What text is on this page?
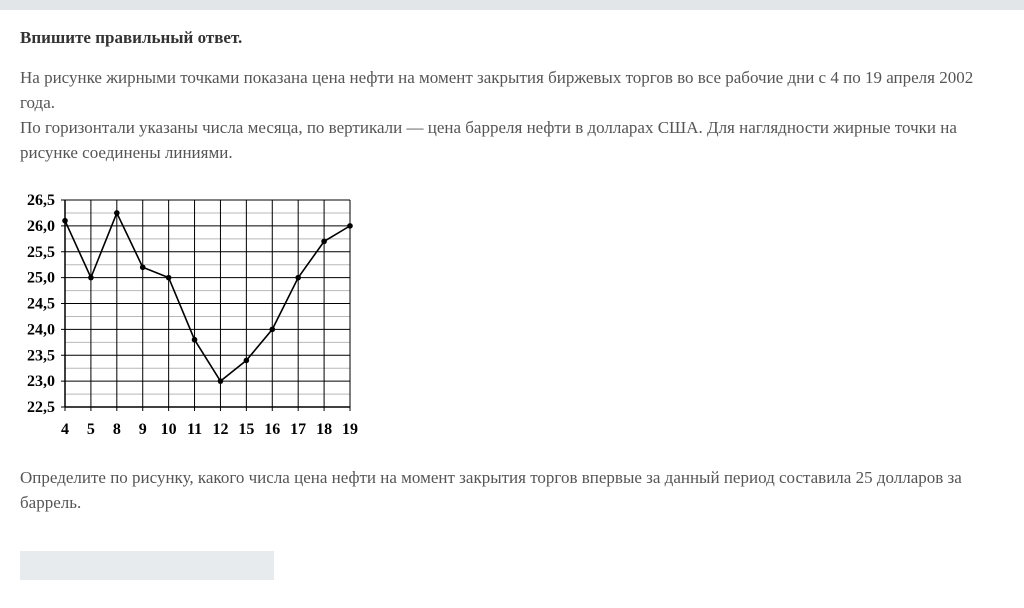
Впишите правильный ответ.
На рисунке жирными точками показана цена нефти на момент закрытия биржевых торгов во все рабочие дни с 4 по 19 апреля 2002 года.
По горизонтали указаны числа месяца, по вертикали — цена барреля нефти в долларах США. Для наглядности жирные точки на рисунке соединены линиями.
22,5
23,0
23,5
24,0
24,5
25,0
25,5
26,0
26,5
4 5 8 9 10 11 12 15 16 17 18 19
Определите по рисунку, какого числа цена нефти на момент закрытия торгов впервые за данный период составила 25 долларов за баррель.
